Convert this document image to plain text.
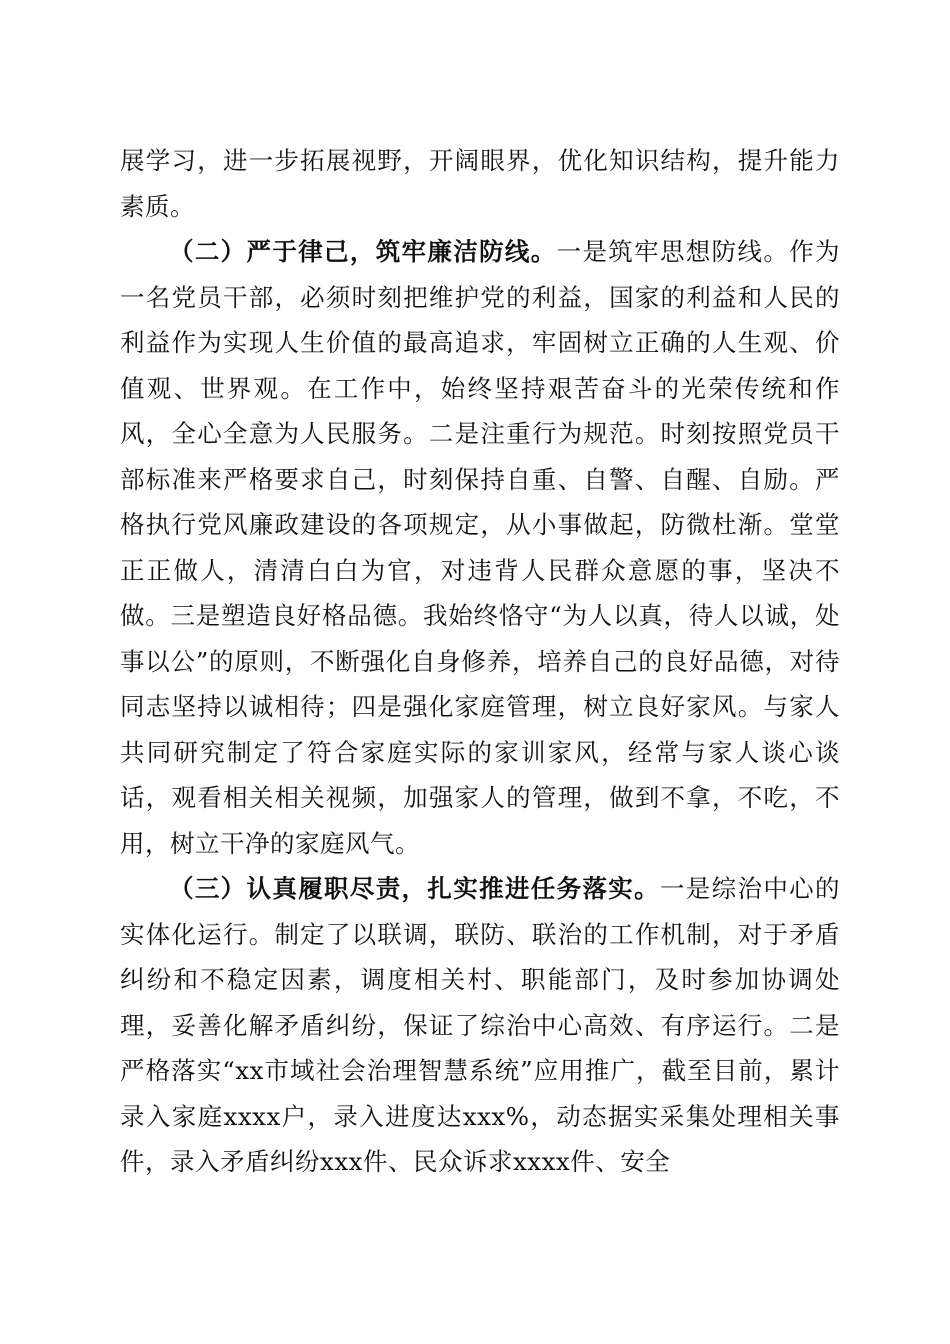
展学习，进一步拓展视野，开阔眼界，优化知识结构，提升能力素质。

（二）严于律己，筑牢廉洁防线。一是筑牢思想防线。作为一名党员干部，必须时刻把维护党的利益，国家的利益和人民的利益作为实现人生价值的最高追求，牢固树立正确的人生观、价值观、世界观。在工作中，始终坚持艰苦奋斗的光荣传统和作风，全心全意为人民服务。二是注重行为规范。时刻按照党员干部标准来严格要求自己，时刻保持自重、自警、自醒、自励。严格执行党风廉政建设的各项规定，从小事做起，防微杜渐。堂堂正正做人，清清白白为官，对违背人民群众意愿的事，坚决不做。三是塑造良好格品德。我始终恪守“为人以真，待人以诚，处事以公”的原则，不断强化自身修养，培养自己的良好品德，对待同志坚持以诚相待；四是强化家庭管理，树立良好家风。与家人共同研究制定了符合家庭实际的家训家风，经常与家人谈心谈话，观看相关相关视频，加强家人的管理，做到不拿，不吃，不用，树立干净的家庭风气。

（三）认真履职尽责，扎实推进任务落实。一是综治中心的实体化运行。制定了以联调，联防、联治的工作机制，对于矛盾纠纷和不稳定因素，调度相关村、职能部门，及时参加协调处理，妥善化解矛盾纠纷，保证了综治中心高效、有序运行。二是严格落实“xx市域社会治理智慧系统”应用推广，截至目前，累计录入家庭xxxx户，录入进度达xxx%，动态据实采集处理相关事件，录入矛盾纠纷xxx件、民众诉求xxxx件、安全
